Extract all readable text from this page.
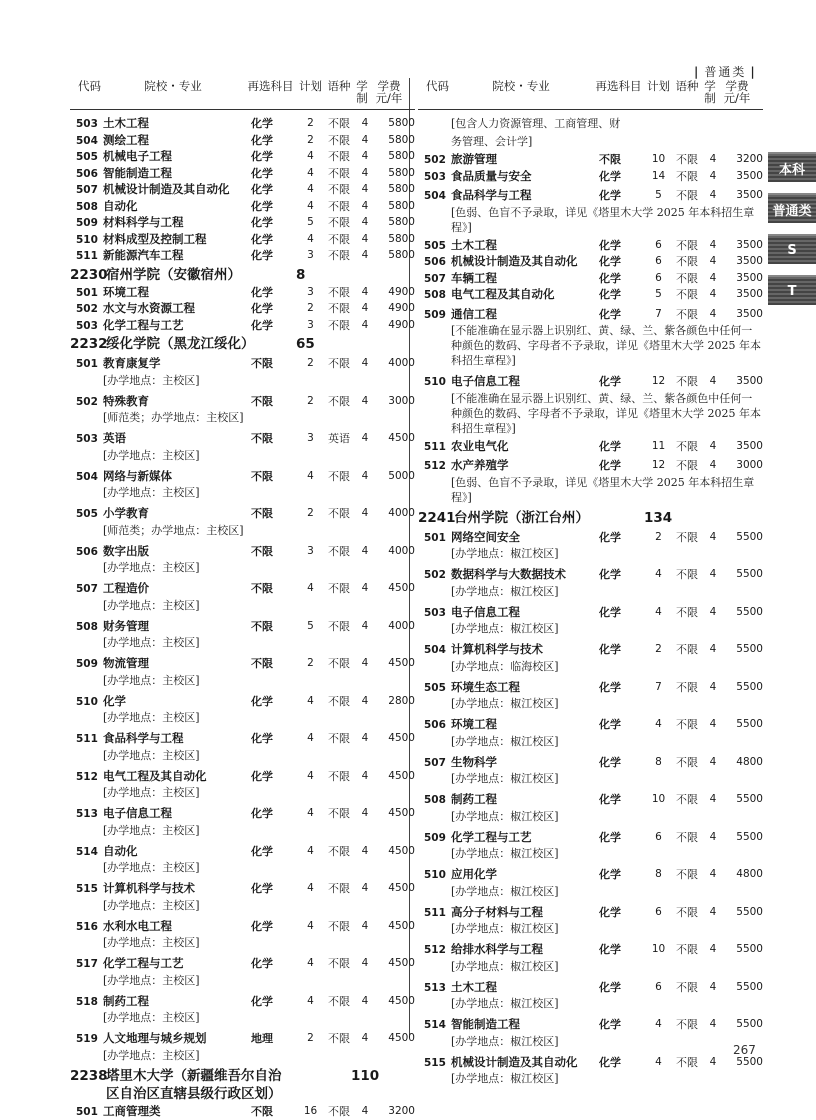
| 普通类 |
代码	院校・专业	再选科目 计划 语种 学制
学费 元/年
503 土木工程	化学	2	不限	4	5800
504 测绘工程	化学	2	不限	4	5800
505 机械电子工程	化学	4	不限	4	5800
506 智能制造工程	化学	4	不限	4	5800
507 机械设计制造及其自动化	化学	4	不限	4	5800
508 自动化	化学	4	不限	4	5800
509 材料科学与工程	化学	5	不限	4	5800
510 材料成型及控制工程	化学	4	不限	4	5800
511 新能源汽车工程	化学	3	不限	4	5800
2230
宿州学院（安徽宿州）	8
501 环境工程	化学	3	不限	4	4900
502 水文与水资源工程	化学	2	不限	4	4900
503 化学工程与工艺	化学	3	不限	4	4900
2232
绥化学院（黑龙江绥化）	65
501 教育康复学	不限	2	不限	4	4000
[办学地点：主校区]
502 特殊教育	不限	2	不限	4	3000
[师范类；办学地点：主校区]
503 英语	不限	3	英语	4	4500
[办学地点：主校区]
504 网络与新媒体	不限	4	不限	4	5000
[办学地点：主校区]
505 小学教育	不限	2	不限	4	4000
[师范类；办学地点：主校区]
506 数字出版	不限	3	不限	4	4000
[办学地点：主校区]
507 工程造价	不限	4	不限	4	4500
[办学地点：主校区]
508 财务管理	不限	5	不限	4	4000
[办学地点：主校区]
509 物流管理	不限	2	不限	4	4500
[办学地点：主校区]
510 化学	化学	4	不限	4	2800
[办学地点：主校区]
511 食品科学与工程	化学	4	不限	4	4500
[办学地点：主校区]
512 电气工程及其自动化	化学	4	不限	4	4500
[办学地点：主校区]
513 电子信息工程	化学	4	不限	4	4500
[办学地点：主校区]
514 自动化	化学	4	不限	4	4500
[办学地点：主校区]
515 计算机科学与技术	化学	4	不限	4	4500
[办学地点：主校区]
516 水利水电工程	化学	4	不限	4	4500
[办学地点：主校区]
517 化学工程与工艺	化学	4	不限	4	4500
[办学地点：主校区]
518 制药工程	化学	4	不限	4	4500
[办学地点：主校区]
519 人文地理与城乡规划	地理	2	不限	4	4500
[办学地点：主校区]
2238
塔里木大学（新疆维吾尔自治
区自治区直辖县级行政区划）
110
501 工商管理类	不限	16 不限	4	3200
代码	院校・专业	再选科目 计划 语种 学制
学费 元/年
[包含人力资源管理、工商管理、财
务管理、会计学]
502 旅游管理	不限	10 不限	4	3200
503 食品质量与安全	化学	14 不限	4	3500
504 食品科学与工程	化学	5	不限	4	3500
[色弱、色盲不予录取，详见《塔里木大学 2025 年本科招生章程》]
505 土木工程	化学	6	不限	4	3500
506 机械设计制造及其自动化	化学	6	不限	4	3500
507 车辆工程	化学	6	不限	4	3500
508 电气工程及其自动化	化学	5	不限	4	3500
509 通信工程	化学	7	不限	4	3500
[不能准确在显示器上识别红、黄、绿、兰、紫各颜色中任何一种颜色的数码、字母者不予录取，详见《塔里木大学 2025 年本科招生章程》]
510 电子信息工程	化学	12 不限	4	3500
[不能准确在显示器上识别红、黄、绿、兰、紫各颜色中任何一种颜色的数码、字母者不予录取，详见《塔里木大学 2025 年本科招生章程》]
511 农业电气化	化学	11 不限	4	3500
512 水产养殖学	化学	12 不限	4	3000
[色弱、色盲不予录取，详见《塔里木大学 2025 年本科招生章程》]
2241
台州学院（浙江台州）	134
501 网络空间安全	化学	2	不限	4	5500
[办学地点：椒江校区]
502 数据科学与大数据技术	化学	4	不限	4	5500
[办学地点：椒江校区]
503 电子信息工程	化学	4	不限	4	5500
[办学地点：椒江校区]
504 计算机科学与技术	化学	2	不限	4	5500
[办学地点：临海校区]
505 环境生态工程	化学	7	不限	4	5500
[办学地点：椒江校区]
506 环境工程	化学	4	不限	4	5500
[办学地点：椒江校区]
507 生物科学	化学	8	不限	4	4800
[办学地点：椒江校区]
508 制药工程	化学	10 不限	4	5500
[办学地点：椒江校区]
509 化学工程与工艺	化学	6	不限	4	5500
[办学地点：椒江校区]
510 应用化学	化学	8	不限	4	4800
[办学地点：椒江校区]
511 高分子材料与工程	化学	6	不限	4	5500
[办学地点：椒江校区]
512 给排水科学与工程	化学	10 不限	4	5500
[办学地点：椒江校区]
513 土木工程	化学	6	不限	4	5500
[办学地点：椒江校区]
514 智能制造工程	化学	4	不限	4	5500
[办学地点：椒江校区]
515 机械设计制造及其自动化	化学	4	不限	4	5500
[办学地点：椒江校区]
本科
普通类
S
T
267
